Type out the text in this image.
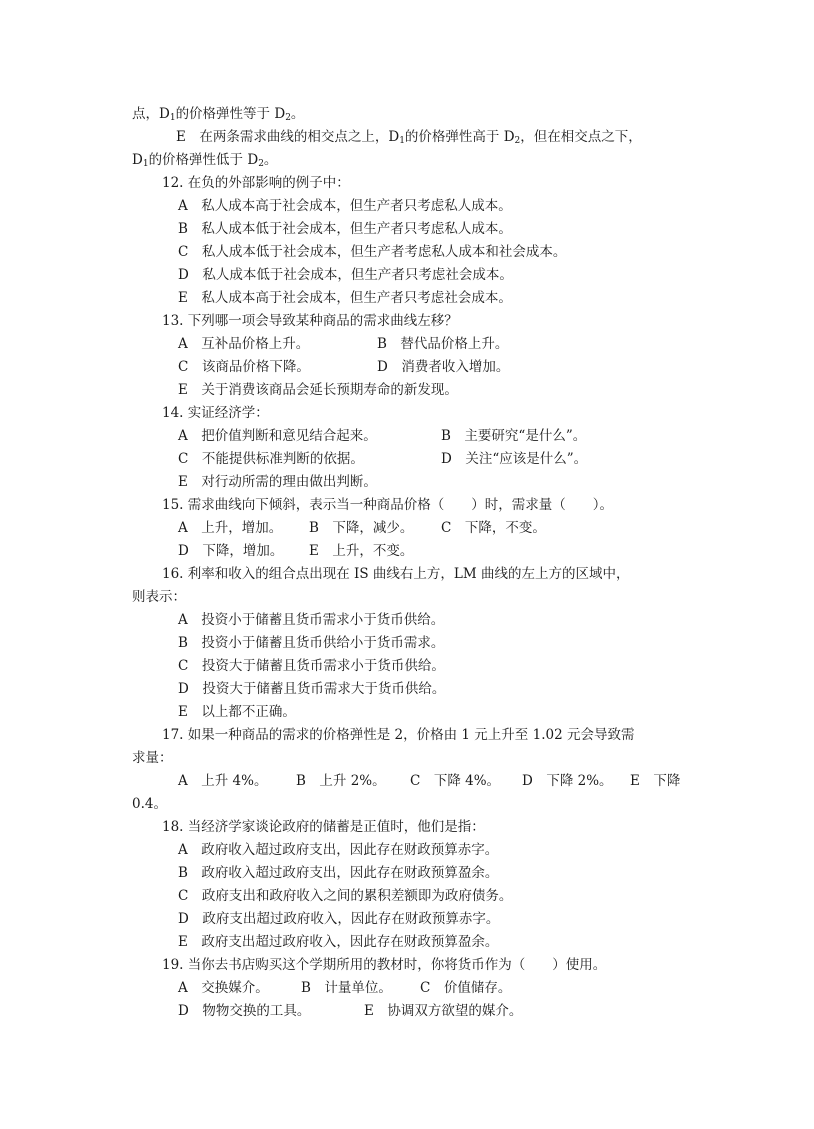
点，$D_1$的价格弹性等于 $D_2$。
E　在两条需求曲线的相交点之上，$D_1$的价格弹性高于 $D_2$，但在相交点之下，
$D_1$的价格弹性低于 $D_2$。
12. 在负的外部影响的例子中：
A　私人成本高于社会成本，但生产者只考虑私人成本。
B　私人成本低于社会成本，但生产者只考虑私人成本。
C　私人成本低于社会成本，但生产者考虑私人成本和社会成本。
D　私人成本低于社会成本，但生产者只考虑社会成本。
E　私人成本高于社会成本，但生产者只考虑社会成本。
13. 下列哪一项会导致某种商品的需求曲线左移？
A　互补品价格上升。	B　替代品价格上升。
C　该商品价格下降。	D　消费者收入增加。
E　关于消费该商品会延长预期寿命的新发现。
14. 实证经济学：
A　把价值判断和意见结合起来。	B　主要研究“是什么”。
C　不能提供标准判断的依据。	D　关注“应该是什么”。
E　对行动所需的理由做出判断。
15. 需求曲线向下倾斜，表示当一种商品价格（　　）时，需求量（　　）。
A　上升，增加。 B　下降，减少。 C　下降，不变。
D　下降，增加。 E　上升，不变。
16. 利率和收入的组合点出现在 IS 曲线右上方，LM 曲线的左上方的区域中，
则表示：
A　投资小于储蓄且货币需求小于货币供给。
B　投资小于储蓄且货币供给小于货币需求。
C　投资大于储蓄且货币需求小于货币供给。
D　投资大于储蓄且货币需求大于货币供给。
E　以上都不正确。
17. 如果一种商品的需求的价格弹性是 2，价格由 1 元上升至 1.02 元会导致需
求量：
A　上升 4%。 B　上升 2%。 C　下降 4%。 D　下降 2%。 E　下降
0.4。
18. 当经济学家谈论政府的储蓄是正值时，他们是指：
A　政府收入超过政府支出，因此存在财政预算赤字。
B　政府收入超过政府支出，因此存在财政预算盈余。
C　政府支出和政府收入之间的累积差额即为政府债务。
D　政府支出超过政府收入，因此存在财政预算赤字。
E　政府支出超过政府收入，因此存在财政预算盈余。
19. 当你去书店购买这个学期所用的教材时，你将货币作为（　　）使用。
A　交换媒介。 B　计量单位。 C　价值储存。
D　物物交换的工具。	E　协调双方欲望的媒介。
